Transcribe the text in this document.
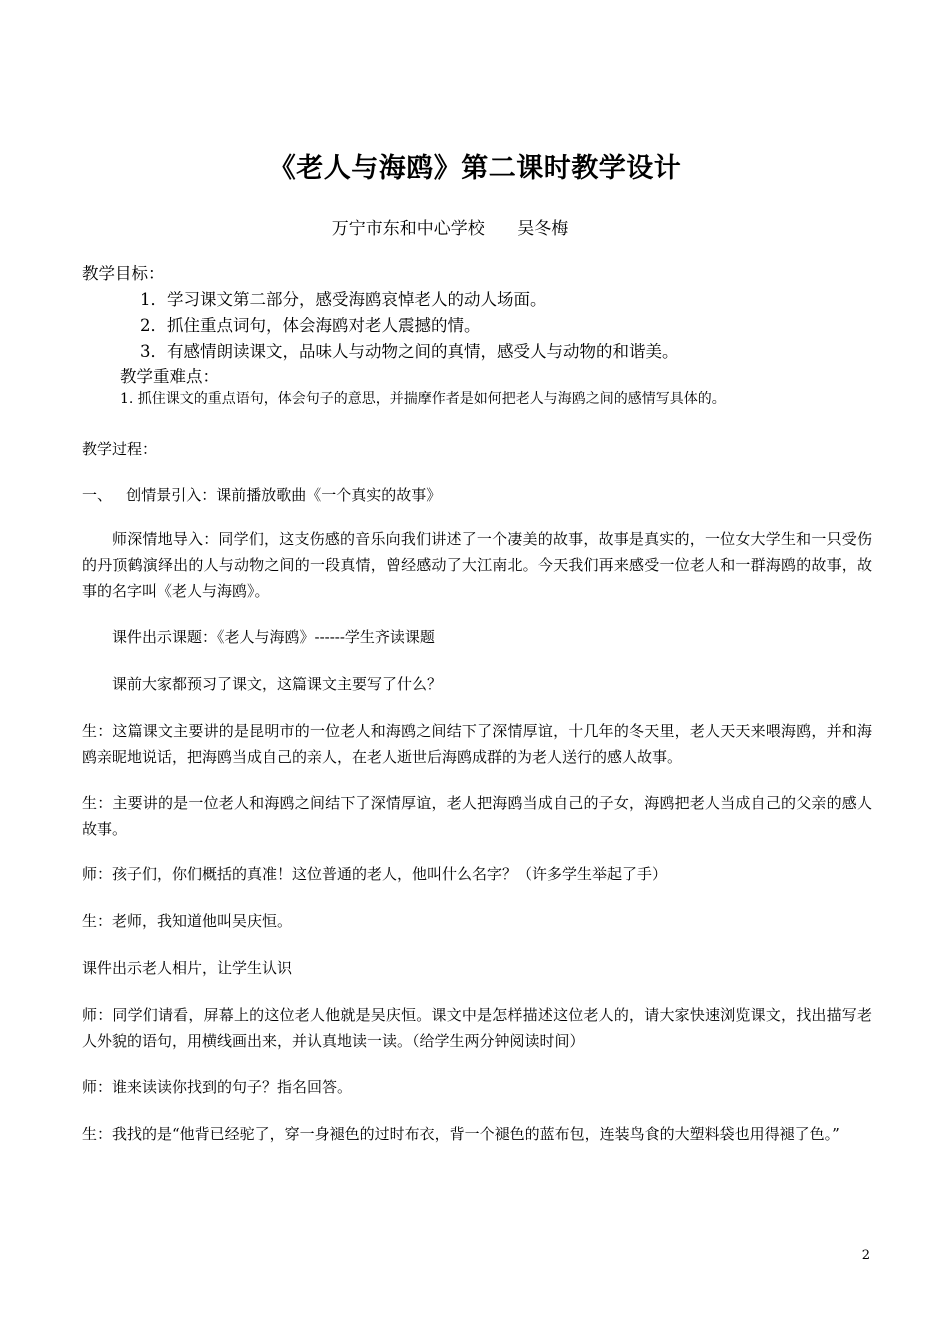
《老人与海鸥》第二课时教学设计

万宁市东和中心学校      吴冬梅

教学目标：

1．学习课文第二部分，感受海鸥哀悼老人的动人场面。

2．抓住重点词句，体会海鸥对老人震撼的情。

3．有感情朗读课文，品味人与动物之间的真情，感受人与动物的和谐美。

教学重难点：

1. 抓住课文的重点语句，体会句子的意思，并揣摩作者是如何把老人与海鸥之间的感情写具体的。

教学过程：

一、   创情景引入：课前播放歌曲《一个真实的故事》

师深情地导入：同学们，这支伤感的音乐向我们讲述了一个凄美的故事，故事是真实的，一位女大学生和一只受伤的丹顶鹤演绎出的人与动物之间的一段真情，曾经感动了大江南北。今天我们再来感受一位老人和一群海鸥的故事，故事的名字叫《老人与海鸥》。

课件出示课题：《老人与海鸥》------学生齐读课题

课前大家都预习了课文，这篇课文主要写了什么？

生：这篇课文主要讲的是昆明市的一位老人和海鸥之间结下了深情厚谊，十几年的冬天里，老人天天来喂海鸥，并和海鸥亲昵地说话，把海鸥当成自己的亲人，在老人逝世后海鸥成群的为老人送行的感人故事。

生：主要讲的是一位老人和海鸥之间结下了深情厚谊，老人把海鸥当成自己的子女，海鸥把老人当成自己的父亲的感人故事。

师：孩子们，你们概括的真准！这位普通的老人，他叫什么名字？（许多学生举起了手）

生：老师，我知道他叫吴庆恒。

课件出示老人相片，让学生认识

师：同学们请看，屏幕上的这位老人他就是吴庆恒。课文中是怎样描述这位老人的，请大家快速浏览课文，找出描写老人外貌的语句，用横线画出来，并认真地读一读。（给学生两分钟阅读时间）

师：谁来读读你找到的句子？指名回答。

生：我找的是“他背已经驼了，穿一身褪色的过时布衣，背一个褪色的蓝布包，连装鸟食的大塑料袋也用得褪了色。”

2
